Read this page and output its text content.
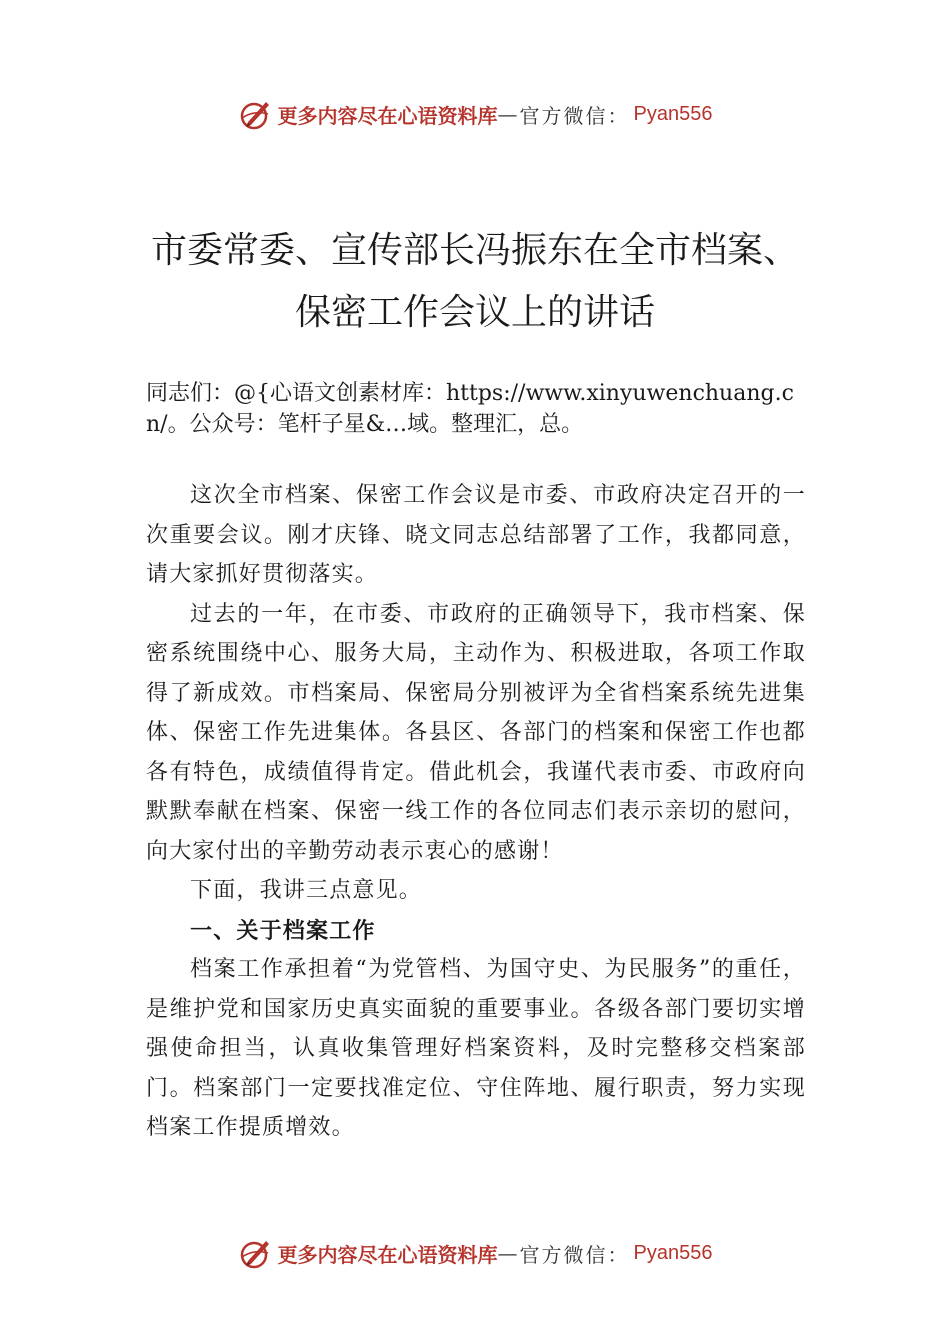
更多内容尽在心语资料库 — 官方微信： Pyan556
市委常委、宣传部长冯振东在全市档案、
保密工作会议上的讲话
同志们：@{心语文创素材库：https://www.xinyuwenchuang.cn/。公众号：笔杆子星&…域。整理汇，总。

这次全市档案、保密工作会议是市委、市政府决定召开的一次重要会议。刚才庆锋、晓文同志总结部署了工作，我都同意，请大家抓好贯彻落实。

过去的一年，在市委、市政府的正确领导下，我市档案、保密系统围绕中心、服务大局，主动作为、积极进取，各项工作取得了新成效。市档案局、保密局分别被评为全省档案系统先进集体、保密工作先进集体。各县区、各部门的档案和保密工作也都各有特色，成绩值得肯定。借此机会，我谨代表市委、市政府向默默奉献在档案、保密一线工作的各位同志们表示亲切的慰问，向大家付出的辛勤劳动表示衷心的感谢！

下面，我讲三点意见。

一、关于档案工作

档案工作承担着“为党管档、为国守史、为民服务”的重任，是维护党和国家历史真实面貌的重要事业。各级各部门要切实增强使命担当，认真收集管理好档案资料，及时完整移交档案部门。档案部门一定要找准定位、守住阵地、履行职责，努力实现档案工作提质增效。

更多内容尽在心语资料库 — 官方微信： Pyan556
